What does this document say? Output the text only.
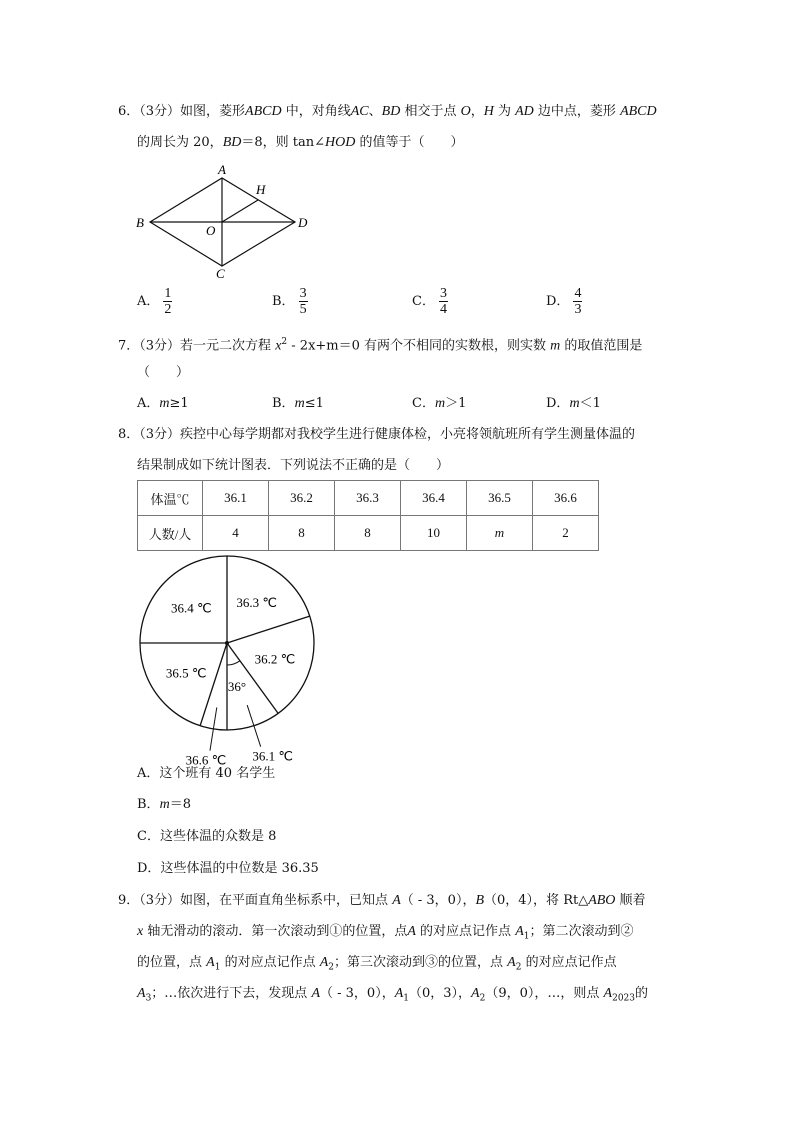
6．（3分）如图，菱形ABCD 中，对角线AC、BD 相交于点 O，H 为 AD 边中点，菱形 ABCD
的周长为 20，BD＝8，则 tan∠HOD 的值等于（　　）
A
H
B	D
O
C
A． $\frac{1}{2}$	B． $\frac{3}{5}$	C． $\frac{3}{4}$	D． $\frac{4}{3}$
7．（3分）若一元二次方程 $x^2 - 2x+m=0$ 有两个不相同的实数根，则实数 m 的取值范围是
（　　）
A．m≥1	B．m≤1	C．m＞1	D．m＜1
8．（3分）疾控中心每学期都对我校学生进行健康体检，小亮将领航班所有学生测量体温的
结果制成如下统计图表．下列说法不正确的是（　　）
体温℃	36.1	36.2	36.3	36.4	36.5	36.6
人数/人	4	8	8	10	m	2
36.1 ℃
36.2 ℃
36.3 ℃
36.4 ℃
36.5 ℃
36.6 ℃
36°
A．这个班有 40 名学生
B．m＝8
C．这些体温的众数是 8
D．这些体温的中位数是 36.35
9．（3分）如图，在平面直角坐标系中，已知点 A（ - 3，0），B（0，4），将 Rt△ABO 顺着
x 轴无滑动的滚动．第一次滚动到①的位置，点A 的对应点记作点 $A_1$；第二次滚动到②
的位置，点 $A_1$ 的对应点记作点 $A_2$；第三次滚动到③的位置，点 $A_2$ 的对应点记作点
$A_3$；…依次进行下去，发现点 A（ - 3，0），$A_1(0$，3），$A_2(9$，0），…，则点 $A_{2023}$的
